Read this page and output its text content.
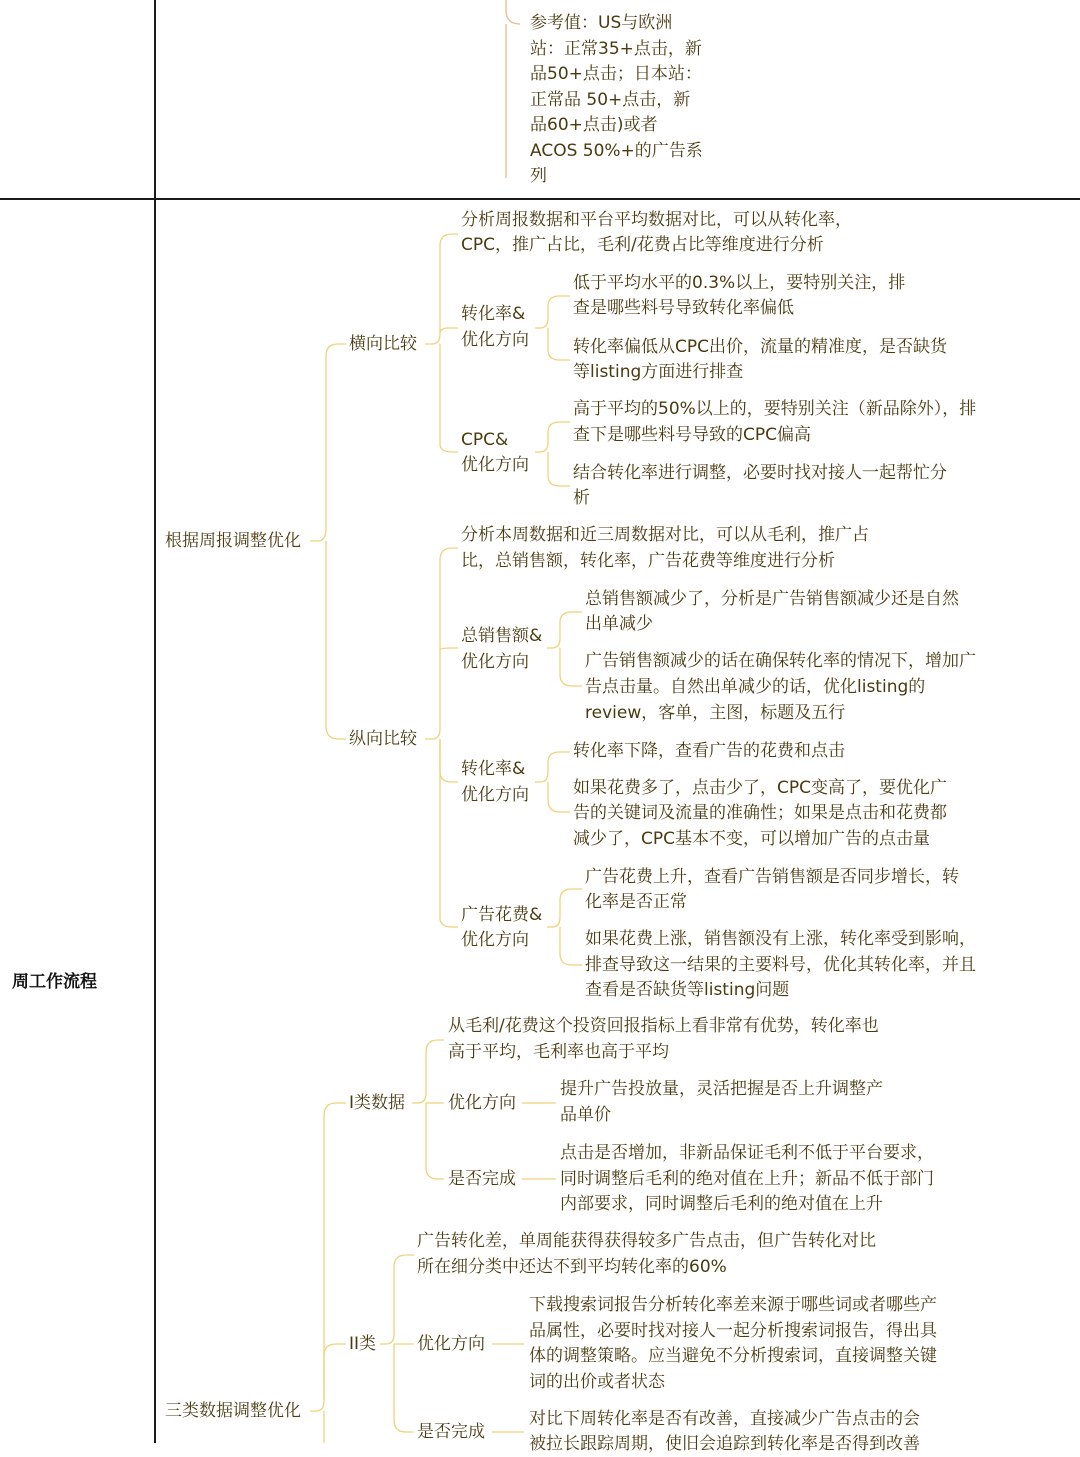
参考值：US与欧洲
站：正常35+点击，新
品50+点击；日本站：
正常品 50+点击，新
品60+点击)或者
ACOS 50%+的广告系
列
周工作流程
根据周报调整优化
横向比较
纵向比较
分析周报数据和平台平均数据对比，可以从转化率，
CPC，推广占比，毛利/花费占比等维度进行分析
转化率&
优化方向
低于平均水平的0.3%以上，要特别关注，排
查是哪些料号导致转化率偏低
转化率偏低从CPC出价，流量的精准度，是否缺货
等listing方面进行排查
CPC&
优化方向
高于平均的50%以上的，要特别关注（新品除外），排
查下是哪些料号导致的CPC偏高
结合转化率进行调整，必要时找对接人一起帮忙分
析
分析本周数据和近三周数据对比，可以从毛利，推广占
比，总销售额，转化率，广告花费等维度进行分析
总销售额&
优化方向
总销售额减少了，分析是广告销售额减少还是自然
出单减少
广告销售额减少的话在确保转化率的情况下，增加广
告点击量。自然出单减少的话，优化listing的
review，客单，主图，标题及五行
转化率&
优化方向
转化率下降，查看广告的花费和点击
如果花费多了，点击少了，CPC变高了，要优化广
告的关键词及流量的准确性；如果是点击和花费都
减少了，CPC基本不变，可以增加广告的点击量
广告花费&
优化方向
广告花费上升，查看广告销售额是否同步增长，转
化率是否正常
如果花费上涨，销售额没有上涨，转化率受到影响，
排查导致这一结果的主要料号，优化其转化率，并且
查看是否缺货等listing问题
三类数据调整优化
I类数据
从毛利/花费这个投资回报指标上看非常有优势，转化率也
高于平均，毛利率也高于平均
优化方向
提升广告投放量，灵活把握是否上升调整产
品单价
是否完成
点击是否增加，非新品保证毛利不低于平台要求，
同时调整后毛利的绝对值在上升；新品不低于部门
内部要求，同时调整后毛利的绝对值在上升
II类
广告转化差，单周能获得获得较多广告点击，但广告转化对比
所在细分类中还达不到平均转化率的60%
优化方向
下载搜索词报告分析转化率差来源于哪些词或者哪些产
品属性，必要时找对接人一起分析搜索词报告，得出具
体的调整策略。应当避免不分析搜索词，直接调整关键
词的出价或者状态
是否完成
对比下周转化率是否有改善，直接减少广告点击的会
被拉长跟踪周期，使旧会追踪到转化率是否得到改善
